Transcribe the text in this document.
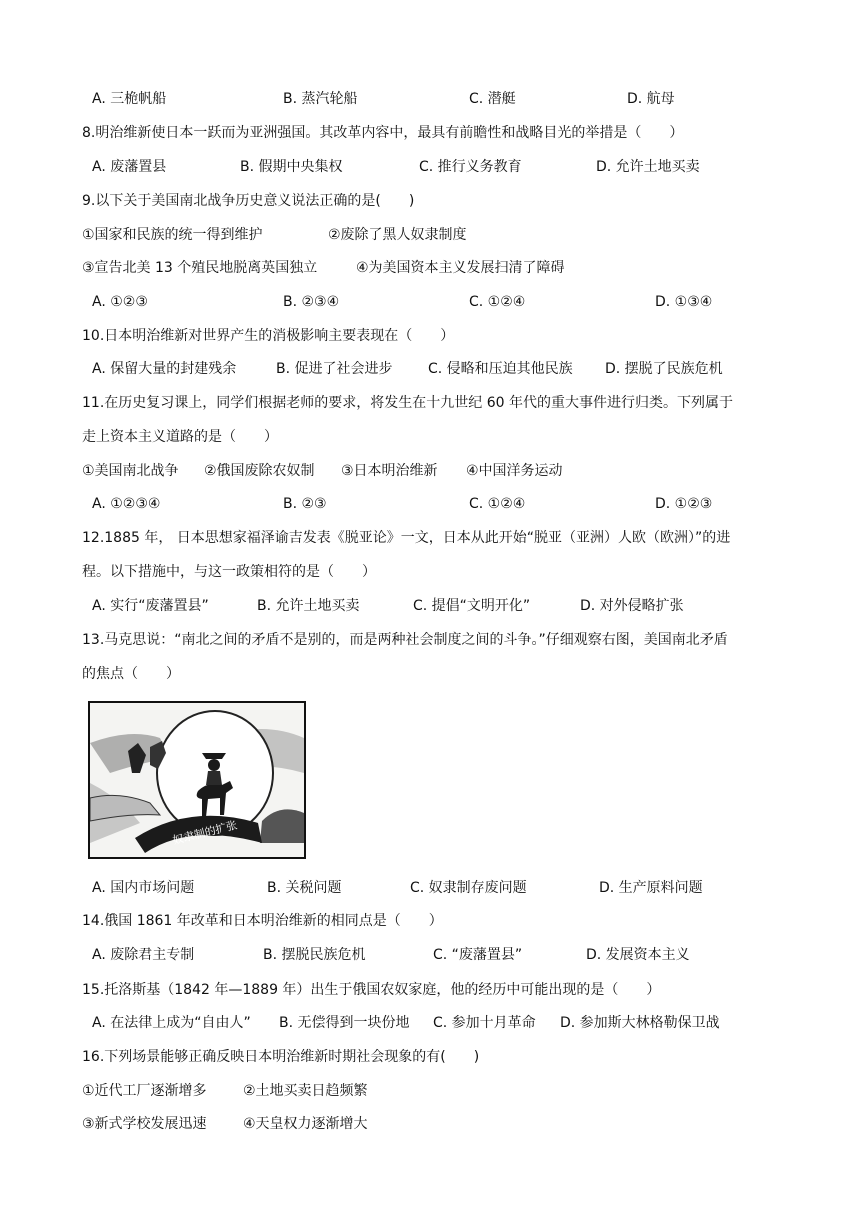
A. 三桅帆船	B. 蒸汽轮船	C. 潜艇	D. 航母
8.明治维新使日本一跃而为亚洲强国。其改革内容中，最具有前瞻性和战略目光的举措是（　　）
A. 废藩置县	B. 假期中央集权	C. 推行义务教育	D. 允许土地买卖
9.以下关于美国南北战争历史意义说法正确的是(　　)
①国家和民族的统一得到维护	②废除了黑人奴隶制度
③宣告北美 13 个殖民地脱离英国独立	④为美国资本主义发展扫清了障碍
A. ①②③	B. ②③④	C. ①②④	D. ①③④
10.日本明治维新对世界产生的消极影响主要表现在（　　）
A. 保留大量的封建残余	B. 促进了社会进步	C. 侵略和压迫其他民族 D. 摆脱了民族危机
11.在历史复习课上，同学们根据老师的要求，将发生在十九世纪 60 年代的重大事件进行归类。下列属于
走上资本主义道路的是（　　）
①美国南北战争 ②俄国废除农奴制 ③日本明治维新 ④中国洋务运动
A. ①②③④	B. ②③	C. ①②④	D. ①②③
12.1885 年， 日本思想家福泽谕吉发表《脱亚论》一文，日本从此开始“脱亚（亚洲）人欧（欧洲）”的进
程。以下措施中，与这一政策相符的是（　　）
A. 实行“废藩置县”	B. 允许土地买卖	C. 提倡“文明开化”	D. 对外侵略扩张
13.马克思说：“南北之间的矛盾不是别的，而是两种社会制度之间的斗争。”仔细观察右图，美国南北矛盾
的焦点（　　）
奴隶制的扩张
A. 国内市场问题	B. 关税问题	C. 奴隶制存废问题	D. 生产原料问题
14.俄国 1861 年改革和日本明治维新的相同点是（　　）
A. 废除君主专制	B. 摆脱民族危机	C. “废藩置县”	D. 发展资本主义
15.托洛斯基（1842 年—1889 年）出生于俄国农奴家庭，他的经历中可能出现的是（　　）
A. 在法律上成为“自由人” B. 无偿得到一块份地 C. 参加十月革命 D. 参加斯大林格勒保卫战
16.下列场景能够正确反映日本明治维新时期社会现象的有(　　)
①近代工厂逐渐增多	②土地买卖日趋频繁
③新式学校发展迅速	④天皇权力逐渐增大
